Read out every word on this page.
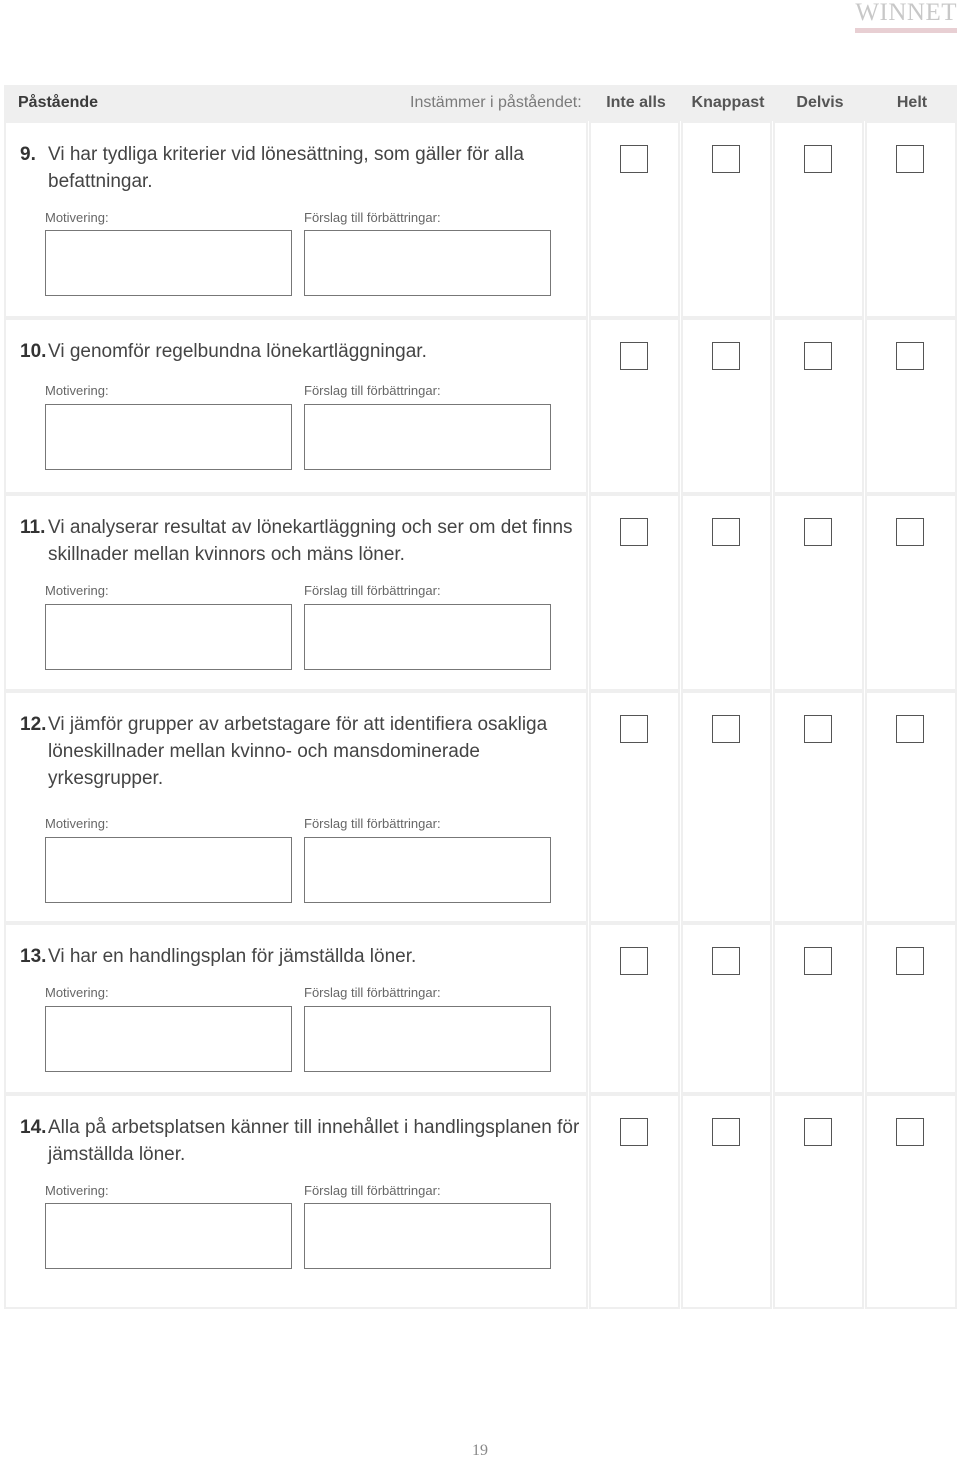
WINNET
Påstående	Instämmer i påståendet:	Inte alls	Knappast	Delvis	Helt
9. Vi har tydliga kriterier vid lönesättning, som gäller för alla befattningar.
Motivering:	Förslag till förbättringar:
10. Vi genomför regelbundna lönekartläggningar.
Motivering:	Förslag till förbättringar:
11. Vi analyserar resultat av lönekartläggning och ser om det finns skillnader mellan kvinnors och mäns löner.
Motivering:	Förslag till förbättringar:
12. Vi jämför grupper av arbetstagare för att identifiera osakliga löneskillnader mellan kvinno- och mansdominerade yrkesgrupper.
Motivering:	Förslag till förbättringar:
13. Vi har en handlingsplan för jämställda löner.
Motivering:	Förslag till förbättringar:
14. Alla på arbetsplatsen känner till innehållet i handlingsplanen för jämställda löner.
Motivering:	Förslag till förbättringar:
19
